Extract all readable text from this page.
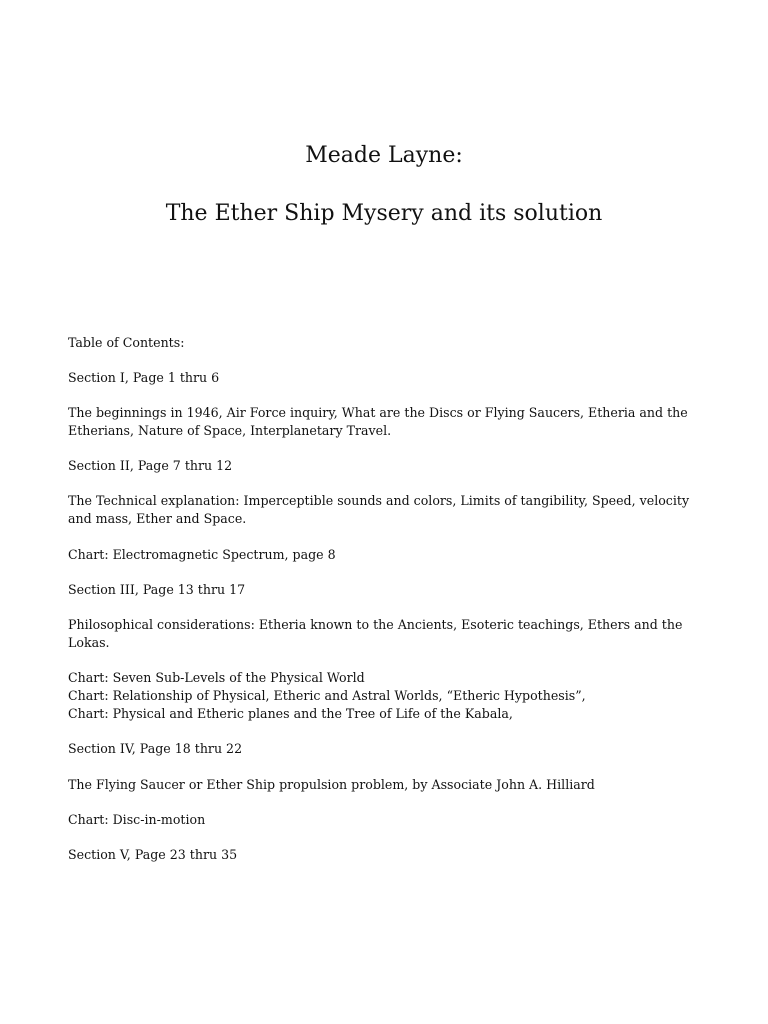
Meade Layne:
The Ether Ship Mysery and its solution
Table of Contents:
Section I, Page 1 thru 6
The beginnings in 1946, Air Force inquiry, What are the Discs or Flying Saucers, Etheria and the Etherians, Nature of Space, Interplanetary Travel.
Section II, Page 7 thru 12
The Technical explanation: Imperceptible sounds and colors, Limits of tangibility, Speed, velocity and mass, Ether and Space.
Chart: Electromagnetic Spectrum, page 8
Section III, Page 13 thru 17
Philosophical considerations: Etheria known to the Ancients, Esoteric teachings, Ethers and the Lokas.
Chart: Seven Sub-Levels of the Physical World
Chart: Relationship of Physical, Etheric and Astral Worlds, “Etheric Hypothesis”,
Chart: Physical and Etheric planes and the Tree of Life of the Kabala,
Section IV, Page 18 thru 22
The Flying Saucer or Ether Ship propulsion problem, by Associate John A. Hilliard
Chart: Disc-in-motion
Section V, Page 23 thru 35
